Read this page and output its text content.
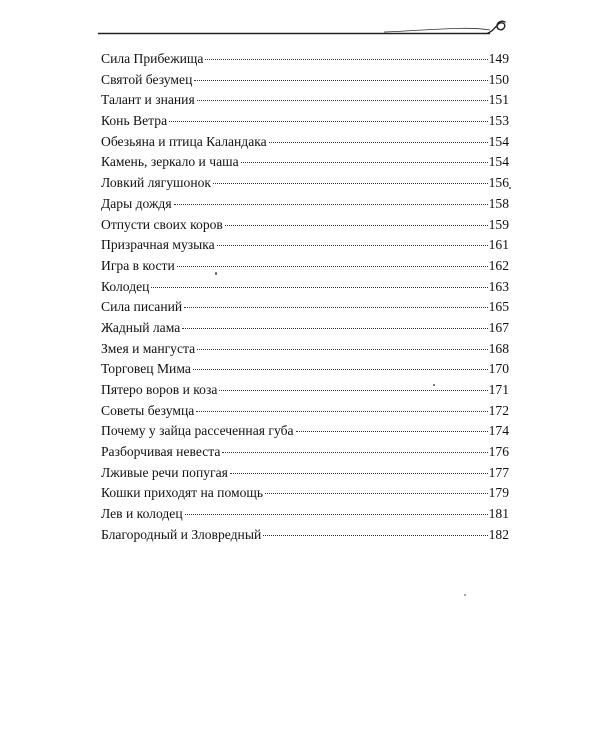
Сила Прибежища	149
Святой безумец	150
Талант и знания	151
Конь Ветра	153
Обезьяна и птица Каландака	154
Камень, зеркало и чаша	154
Ловкий лягушонок	156
Дары дождя	158
Отпусти своих коров	159
Призрачная музыка	161
Игра в кости	162
Колодец	163
Сила писаний	165
Жадный лама	167
Змея и мангуста	168
Торговец Мима	170
Пятеро воров и коза	171
Советы безумца	172
Почему у зайца рассеченная губа	174
Разборчивая невеста	176
Лживые речи попугая	177
Кошки приходят на помощь	179
Лев и колодец	181
Благородный и Зловредный	182
